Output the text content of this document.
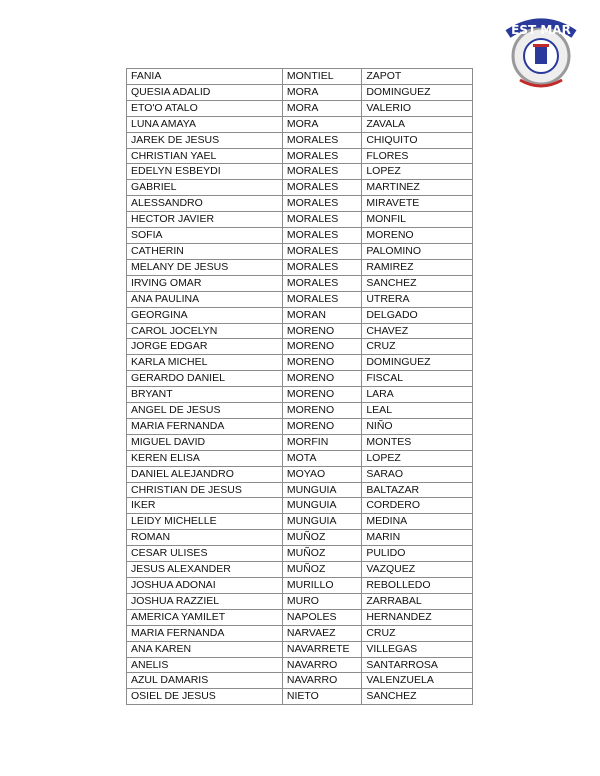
EST MAR
FANIA	MONTIEL	ZAPOT
QUESIA ADALID	MORA	DOMINGUEZ
ETO'O ATALO	MORA	VALERIO
LUNA AMAYA	MORA	ZAVALA
JAREK DE JESUS	MORALES	CHIQUITO
CHRISTIAN YAEL	MORALES	FLORES
EDELYN ESBEYDI	MORALES	LOPEZ
GABRIEL	MORALES	MARTINEZ
ALESSANDRO	MORALES	MIRAVETE
HECTOR JAVIER	MORALES	MONFIL
SOFIA	MORALES	MORENO
CATHERIN	MORALES	PALOMINO
MELANY DE JESUS	MORALES	RAMIREZ
IRVING OMAR	MORALES	SANCHEZ
ANA PAULINA	MORALES	UTRERA
GEORGINA	MORAN	DELGADO
CAROL JOCELYN	MORENO	CHAVEZ
JORGE EDGAR	MORENO	CRUZ
KARLA MICHEL	MORENO	DOMINGUEZ
GERARDO DANIEL	MORENO	FISCAL
BRYANT	MORENO	LARA
ANGEL DE JESUS	MORENO	LEAL
MARIA FERNANDA	MORENO	NIÑO
MIGUEL DAVID	MORFIN	MONTES
KEREN ELISA	MOTA	LOPEZ
DANIEL ALEJANDRO	MOYAO	SARAO
CHRISTIAN DE JESUS	MUNGUIA	BALTAZAR
IKER	MUNGUIA	CORDERO
LEIDY MICHELLE	MUNGUIA	MEDINA
ROMAN	MUÑOZ	MARIN
CESAR ULISES	MUÑOZ	PULIDO
JESUS ALEXANDER	MUÑOZ	VAZQUEZ
JOSHUA ADONAI	MURILLO	REBOLLEDO
JOSHUA RAZZIEL	MURO	ZARRABAL
AMERICA YAMILET	NAPOLES	HERNANDEZ
MARIA FERNANDA	NARVAEZ	CRUZ
ANA KAREN	NAVARRETE	VILLEGAS
ANELIS	NAVARRO	SANTARROSA
AZUL DAMARIS	NAVARRO	VALENZUELA
OSIEL DE JESUS	NIETO	SANCHEZ
